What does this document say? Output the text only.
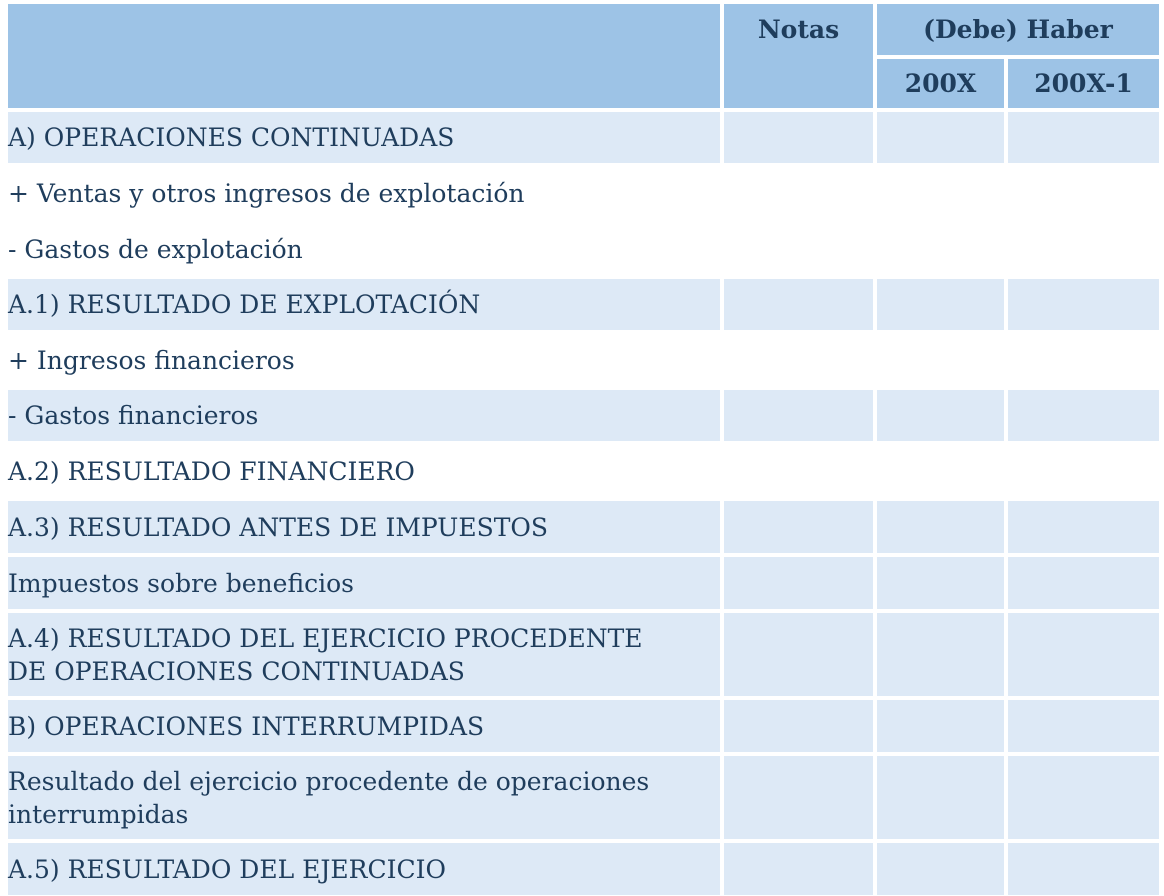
	Notas	(Debe) Haber	
		200X	200X-1
A) OPERACIONES CONTINUADAS			
+ Ventas y otros ingresos de explotación			
- Gastos de explotación			
A.1) RESULTADO DE EXPLOTACIÓN			
+ Ingresos financieros			
- Gastos financieros			
A.2) RESULTADO FINANCIERO			
A.3) RESULTADO ANTES DE IMPUESTOS			
Impuestos sobre beneficios			
A.4) RESULTADO DEL EJERCICIO PROCEDENTE DE OPERACIONES CONTINUADAS			
B) OPERACIONES INTERRUMPIDAS			
Resultado del ejercicio procedente de operaciones interrumpidas			
A.5) RESULTADO DEL EJERCICIO			
